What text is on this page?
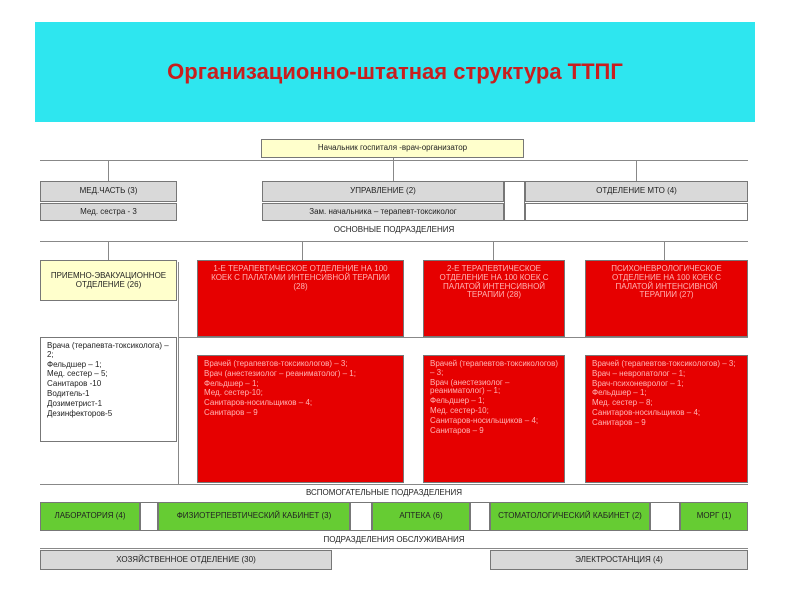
Организационно-штатная структура ТТПГ
Начальник госпиталя -врач-организатор
МЕД.ЧАСТЬ (3)	УПРАВЛЕНИЕ (2)	ОТДЕЛЕНИЕ МТО (4)
Мед. сестра - 3	Зам. начальника – терапевт-токсиколог
ОСНОВНЫЕ ПОДРАЗДЕЛЕНИЯ
ПРИЕМНО-ЭВАКУАЦИОННОЕ ОТДЕЛЕНИЕ (26)
Врача (терапевта-токсиколога) – 2;
Фельдшер – 1;
Мед. сестер – 5;
Санитаров -10
Водитель-1
Дозиметрист-1
Дезинфекторов-5
1-Е ТЕРАПЕВТИЧЕСКОЕ ОТДЕЛЕНИЕ НА 100 КОЕК С ПАЛАТАМИ ИНТЕНСИВНОЙ ТЕРАПИИ (28)
2-Е ТЕРАПЕВТИЧЕСКОЕ ОТДЕЛЕНИЕ НА 100 КОЕК С ПАЛАТОЙ ИНТЕНСИВНОЙ ТЕРАПИИ (28)
ПСИХОНЕВРОЛОГИЧЕСКОЕ ОТДЕЛЕНИЕ НА 100 КОЕК С ПАЛАТОЙ ИНТЕНСИВНОЙ ТЕРАПИИ (27)
Врачей (терапевтов-токсикологов) – 3;
Врач (анестезиолог – реаниматолог) – 1;
Фельдшер – 1;
Мед. сестер-10;
Санитаров-носильщиков – 4;
Санитаров – 9
Врачей (терапевтов-токсикологов) – 3;
Врач (анестезиолог – реаниматолог) – 1;
Фельдшер – 1;
Мед. сестер-10;
Санитаров-носильщиков – 4;
Санитаров – 9
Врачей (терапевтов-токсикологов) – 3;
Врач – невропатолог – 1;
Врач-психоневролог – 1;
Фельдшер – 1;
Мед. сестер – 8;
Санитаров-носильщиков – 4;
Санитаров – 9
ВСПОМОГАТЕЛЬНЫЕ ПОДРАЗДЕЛЕНИЯ
ЛАБОРАТОРИЯ (4)	ФИЗИОТЕРПЕВТИЧЕСКИЙ КАБИНЕТ (3)	АПТЕКА (6)	СТОМАТОЛОГИЧЕСКИЙ КАБИНЕТ (2)	МОРГ (1)
ПОДРАЗДЕЛЕНИЯ ОБСЛУЖИВАНИЯ
ХОЗЯЙСТВЕННОЕ ОТДЕЛЕНИЕ (30)	ЭЛЕКТРОСТАНЦИЯ (4)
